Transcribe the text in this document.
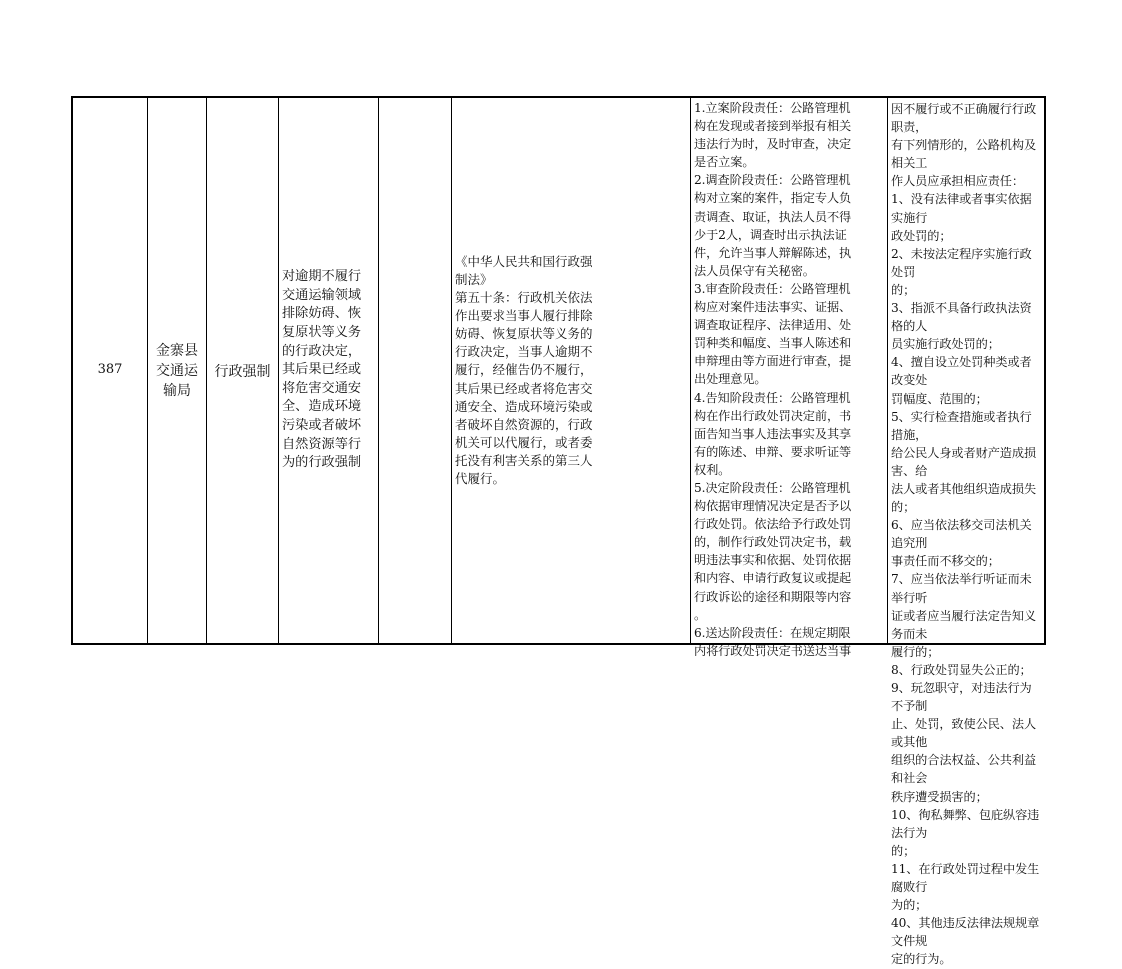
387
金寨县
交通运
输局
行政强制
对逾期不履行
交通运输领域
排除妨碍、恢
复原状等义务
的行政决定，
其后果已经或
将危害交通安
全、造成环境
污染或者破坏
自然资源等行
为的行政强制
《中华人民共和国行政强
制法》
第五十条：行政机关依法
作出要求当事人履行排除
妨碍、恢复原状等义务的
行政决定，当事人逾期不
履行，经催告仍不履行，
其后果已经或者将危害交
通安全、造成环境污染或
者破坏自然资源的，行政
机关可以代履行，或者委
托没有利害关系的第三人
代履行。
1.立案阶段责任：公路管理机
构在发现或者接到举报有相关
违法行为时，及时审查，决定
是否立案。
2.调查阶段责任：公路管理机
构对立案的案件，指定专人负
责调查、取证，执法人员不得
少于2人，调查时出示执法证
件，允许当事人辩解陈述，执
法人员保守有关秘密。
3.审查阶段责任：公路管理机
构应对案件违法事实、证据、
调查取证程序、法律适用、处
罚种类和幅度、当事人陈述和
申辩理由等方面进行审查，提
出处理意见。
4.告知阶段责任：公路管理机
构在作出行政处罚决定前，书
面告知当事人违法事实及其享
有的陈述、申辩、要求听证等
权利。
5.决定阶段责任：公路管理机
构依据审理情况决定是否予以
行政处罚。依法给予行政处罚
的，制作行政处罚决定书，载
明违法事实和依据、处罚依据
和内容、申请行政复议或提起
行政诉讼的途径和期限等内容
。
6.送达阶段责任：在规定期限
内将行政处罚决定书送达当事
因不履行或不正确履行行政职责，
有下列情形的，公路机构及相关工
作人员应承担相应责任：
1、没有法律或者事实依据实施行
政处罚的；
2、未按法定程序实施行政处罚
的；
3、指派不具备行政执法资格的人
员实施行政处罚的；
4、擅自设立处罚种类或者改变处
罚幅度、范围的；
5、实行检查措施或者执行措施，
给公民人身或者财产造成损害、给
法人或者其他组织造成损失的；
6、应当依法移交司法机关追究刑
事责任而不移交的；
7、应当依法举行听证而未举行听
证或者应当履行法定告知义务而未
履行的；
8、行政处罚显失公正的；
9、玩忽职守，对违法行为不予制
止、处罚，致使公民、法人或其他
组织的合法权益、公共利益和社会
秩序遭受损害的；
10、徇私舞弊、包庇纵容违法行为
的；
11、在行政处罚过程中发生腐败行
为的；
40、其他违反法律法规规章文件规
定的行为。
